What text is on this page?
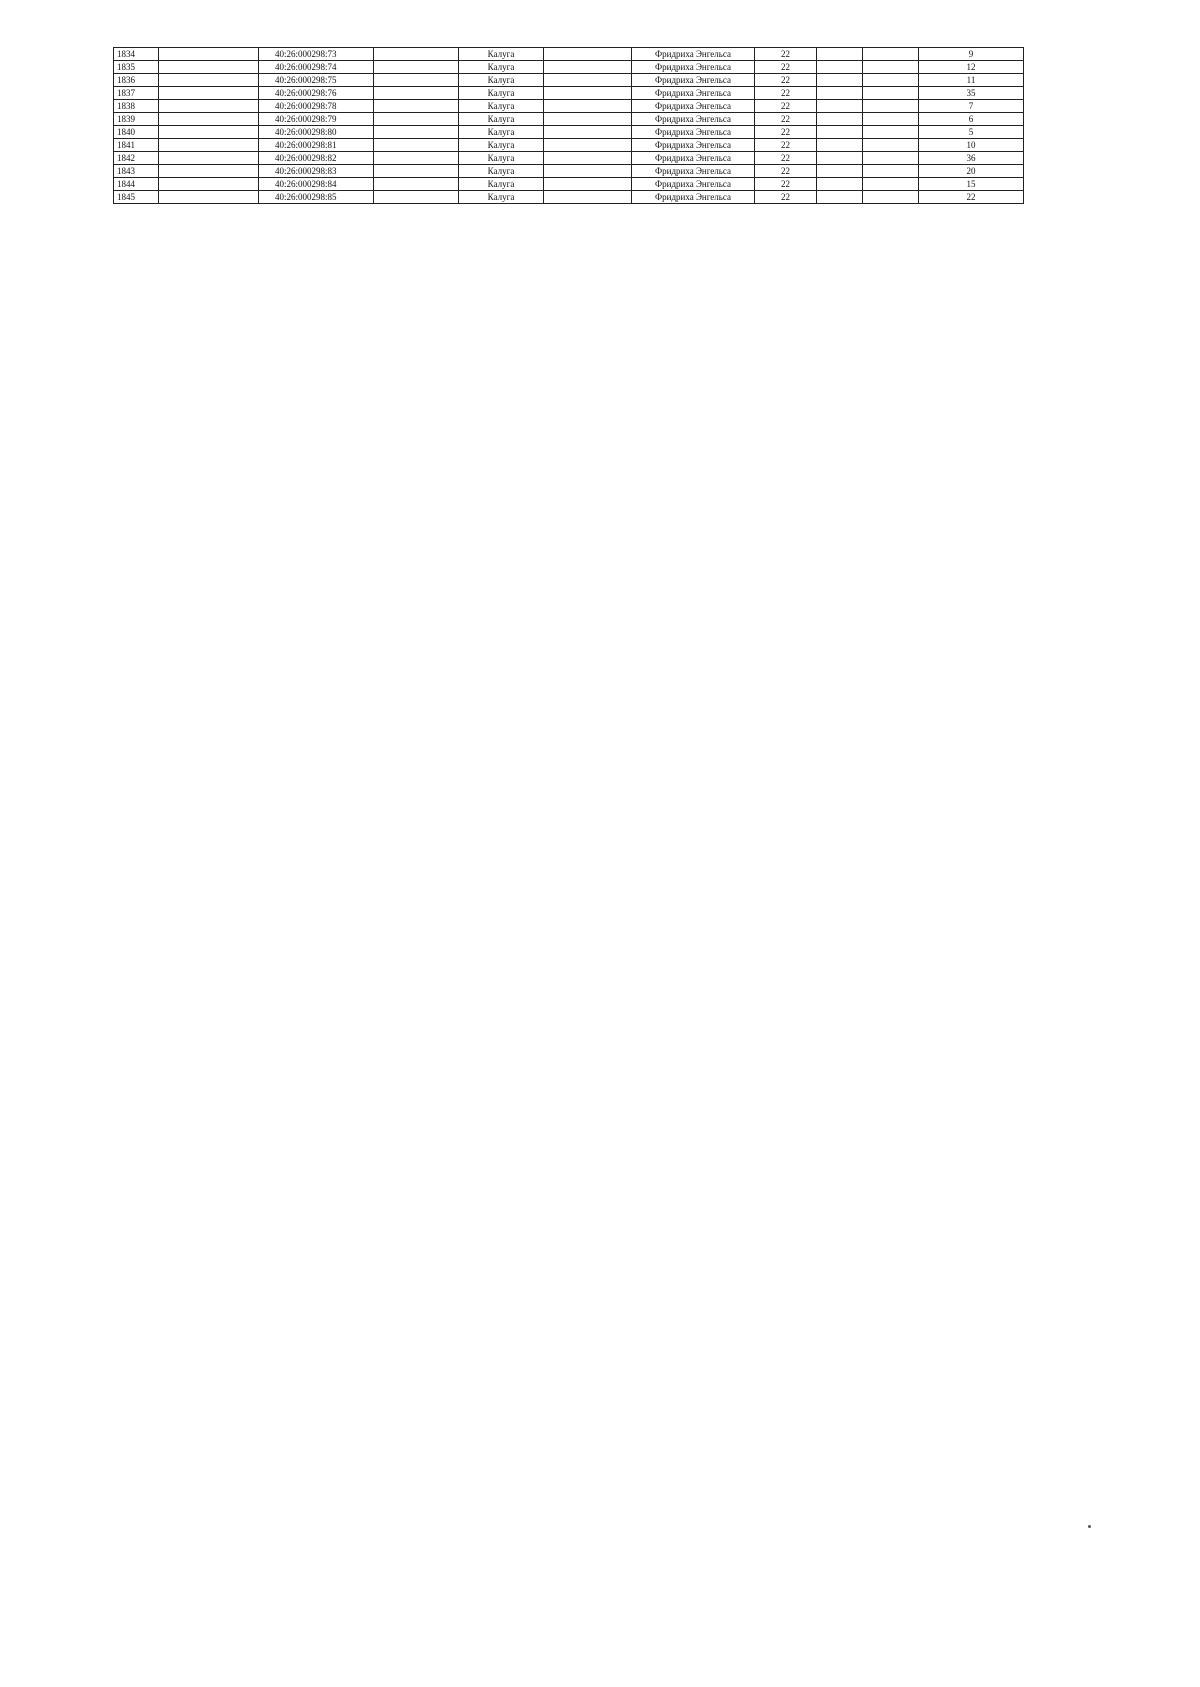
1834		40:26:000298:73		Калуга		Фридриха Энгельса	22			9
1835		40:26:000298:74		Калуга		Фридриха Энгельса	22			12
1836		40:26:000298:75		Калуга		Фридриха Энгельса	22			11
1837		40:26:000298:76		Калуга		Фридриха Энгельса	22			35
1838		40:26:000298:78		Калуга		Фридриха Энгельса	22			7
1839		40:26:000298:79		Калуга		Фридриха Энгельса	22			6
1840		40:26:000298:80		Калуга		Фридриха Энгельса	22			5
1841		40:26:000298:81		Калуга		Фридриха Энгельса	22			10
1842		40:26:000298:82		Калуга		Фридриха Энгельса	22			36
1843		40:26:000298:83		Калуга		Фридриха Энгельса	22			20
1844		40:26:000298:84		Калуга		Фридриха Энгельса	22			15
1845		40:26:000298:85		Калуга		Фридриха Энгельса	22			22
